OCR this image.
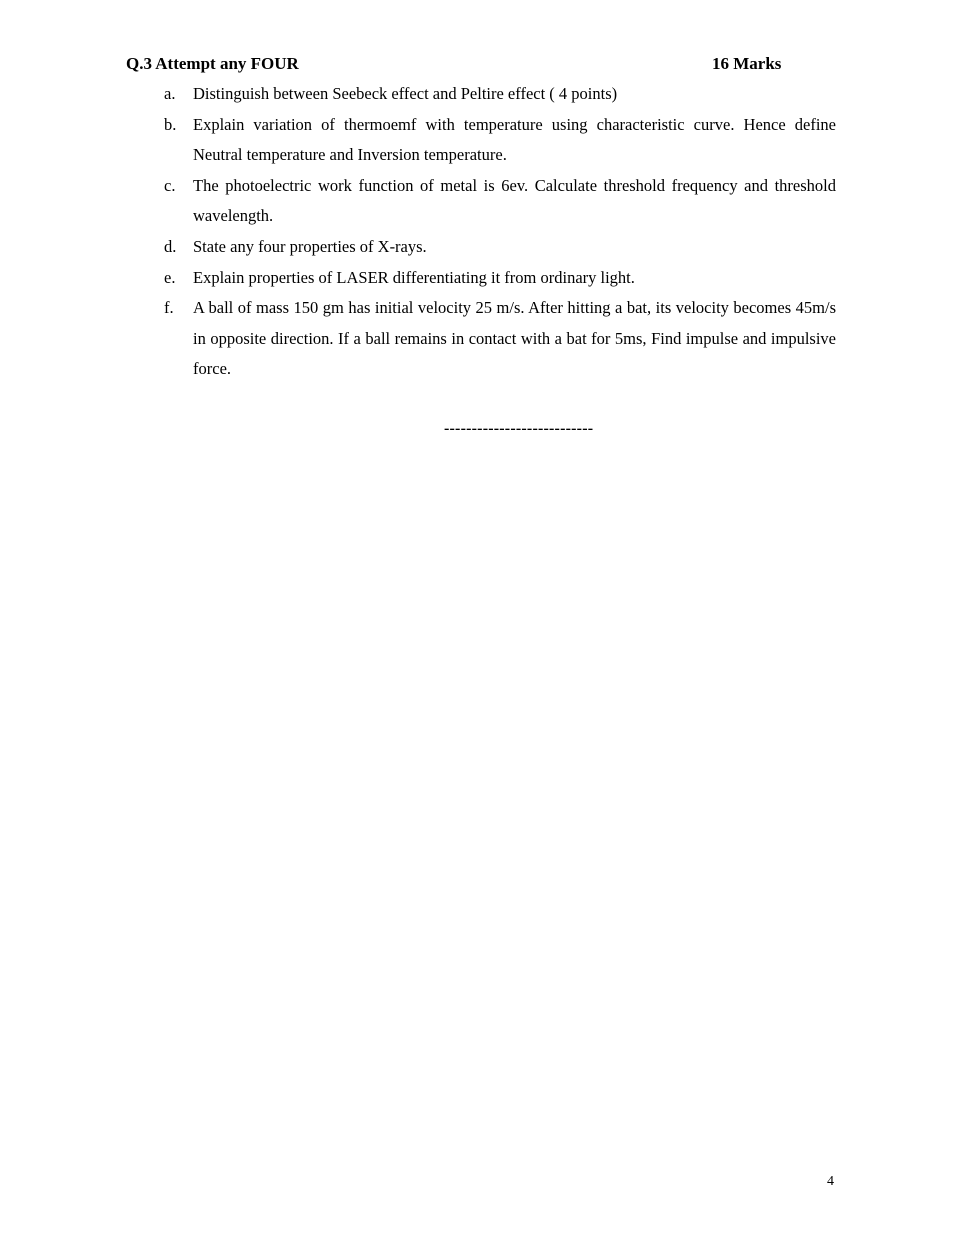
Q.3 Attempt any FOUR	16 Marks
a.	Distinguish between Seebeck effect and Peltire effect ( 4 points)
b.	Explain variation of thermoemf with temperature using characteristic curve. Hence define Neutral temperature and Inversion temperature.
c.	The photoelectric work function of metal is 6ev. Calculate threshold frequency and threshold wavelength.
d.	State any four properties of X-rays.
e.	Explain properties of LASER differentiating it from ordinary light.
f.	A ball of mass 150 gm has initial velocity 25 m/s. After hitting a bat, its velocity becomes 45m/s in opposite direction. If a ball remains in contact with a bat for 5ms, Find impulse and impulsive force.
---------------------------
4
